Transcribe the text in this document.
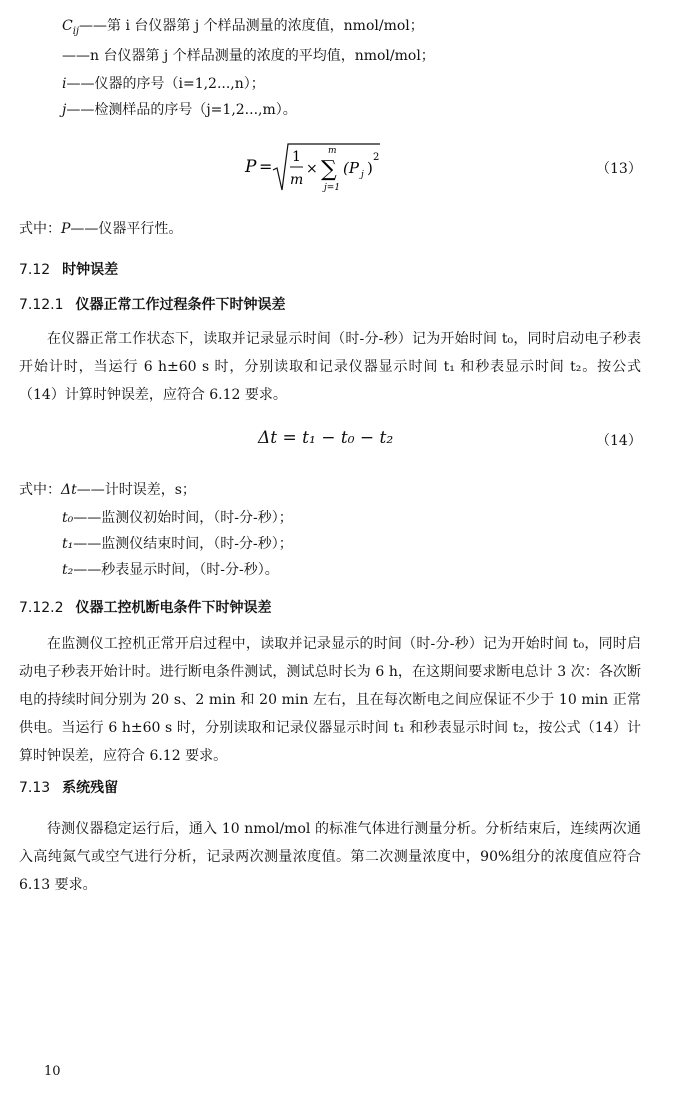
$C_{ij}——$第 i 台仪器第 j 个样品测量的浓度值，nmol/mol；
——n 台仪器第 j 个样品测量的浓度的平均值，nmol/mol；
i——仪器的序号（i=1,2...,n）；
j——检测样品的序号（j=1,2...,m）。
P = 1
m
×
m
∑
j=1
(P j )
2
（13）
式中：P——仪器平行性。
7.12 时钟误差
7.12.1 仪器正常工作过程条件下时钟误差
在仪器正常工作状态下，读取并记录显示时间（时-分-秒）记为开始时间 t₀，同时启动电子秒表开始计时，当运行 6 h±60 s 时，分别读取和记录仪器显示时间 t₁ 和秒表显示时间 t₂。按公式（14）计算时钟误差，应符合 6.12 要求。
Δt = t₁ − t₀ − t₂	（14）
式中：Δt——计时误差，s；
t₀——监测仪初始时间，（时-分-秒）；
t₁——监测仪结束时间，（时-分-秒）；
t₂——秒表显示时间，（时-分-秒）。
7.12.2 仪器工控机断电条件下时钟误差
在监测仪工控机正常开启过程中，读取并记录显示的时间（时-分-秒）记为开始时间 t₀，同时启动电子秒表开始计时。进行断电条件测试，测试总时长为 6 h，在这期间要求断电总计 3 次：各次断电的持续时间分别为 20 s、2 min 和 20 min 左右，且在每次断电之间应保证不少于 10 min 正常供电。当运行 6 h±60 s 时，分别读取和记录仪器显示时间 t₁ 和秒表显示时间 t₂，按公式（14）计算时钟误差，应符合 6.12 要求。
7.13 系统残留
待测仪器稳定运行后，通入 10 nmol/mol 的标准气体进行测量分析。分析结束后，连续两次通入高纯氮气或空气进行分析，记录两次测量浓度值。第二次测量浓度中，90%组分的浓度值应符合 6.13 要求。
10
